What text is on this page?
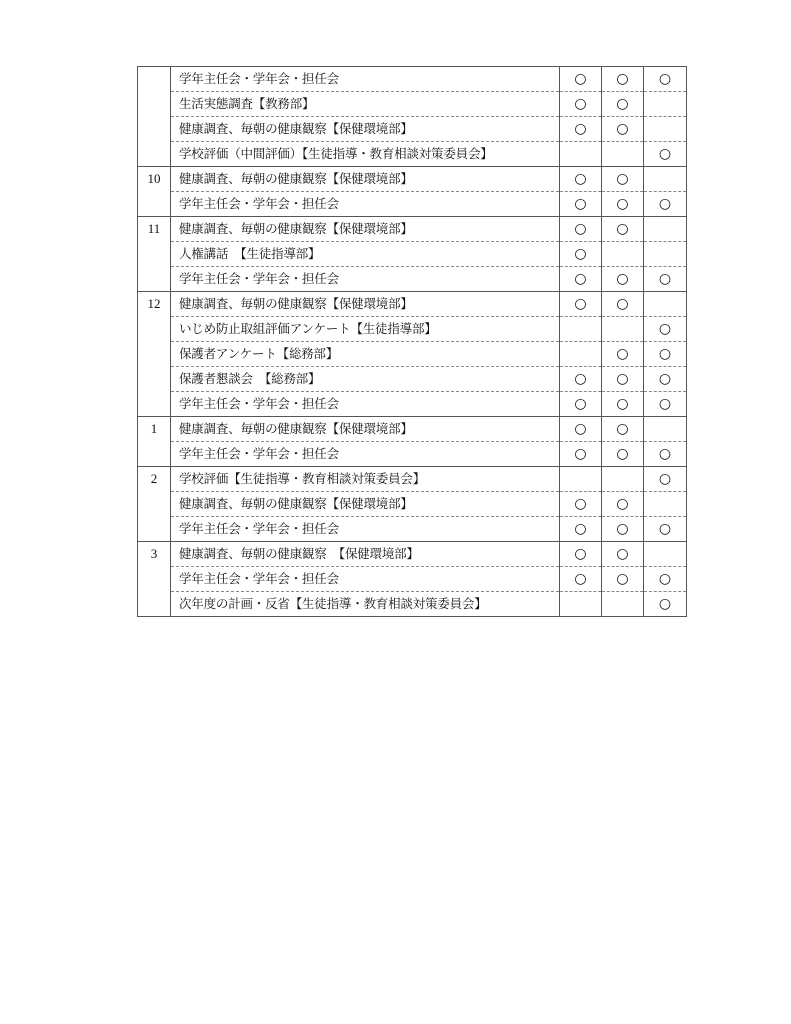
	学年主任会・学年会・担任会	○	○	○
	生活実態調査【教務部】	○	○	
	健康調査、毎朝の健康観察【保健環境部】	○	○	
	学校評価（中間評価）【生徒指導・教育相談対策委員会】			○
10	健康調査、毎朝の健康観察【保健環境部】	○	○	
	学年主任会・学年会・担任会	○	○	○
11	健康調査、毎朝の健康観察【保健環境部】	○	○	
	人権講話　【生徒指導部】	○		
	学年主任会・学年会・担任会	○	○	○
12	健康調査、毎朝の健康観察【保健環境部】	○	○	
	いじめ防止取組評価アンケート【生徒指導部】			○
	保護者アンケート【総務部】		○	○
	保護者懇談会　【総務部】	○	○	○
	学年主任会・学年会・担任会	○	○	○
1	健康調査、毎朝の健康観察【保健環境部】	○	○	
	学年主任会・学年会・担任会	○	○	○
2	学校評価【生徒指導・教育相談対策委員会】			○
	健康調査、毎朝の健康観察【保健環境部】	○	○	
	学年主任会・学年会・担任会	○	○	○
3	健康調査、毎朝の健康観察　【保健環境部】	○	○	
	学年主任会・学年会・担任会	○	○	○
	次年度の計画・反省【生徒指導・教育相談対策委員会】			○
